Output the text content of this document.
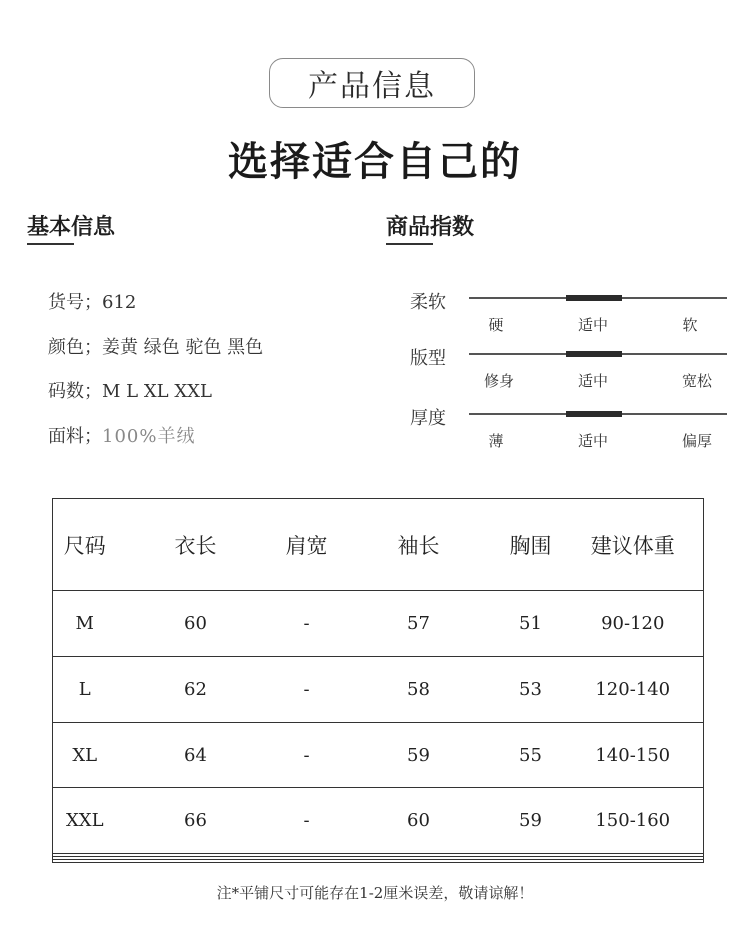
产品信息
选择适合自己的
基本信息
货号；612
颜色；姜黄 绿色 驼色 黑色
码数；M L XL XXL
面料；100%羊绒
商品指数
柔软
硬	适中	软
版型
修身	适中	宽松
厚度
薄	适中	偏厚
尺码	衣长	肩宽	袖长	胸围	建议体重
M	60	-	57	51	90-120
L	62	-	58	53	120-140
XL	64	-	59	55	140-150
XXL	66	-	60	59	150-160

注*平铺尺寸可能存在1-2厘米误差，敬请谅解！
